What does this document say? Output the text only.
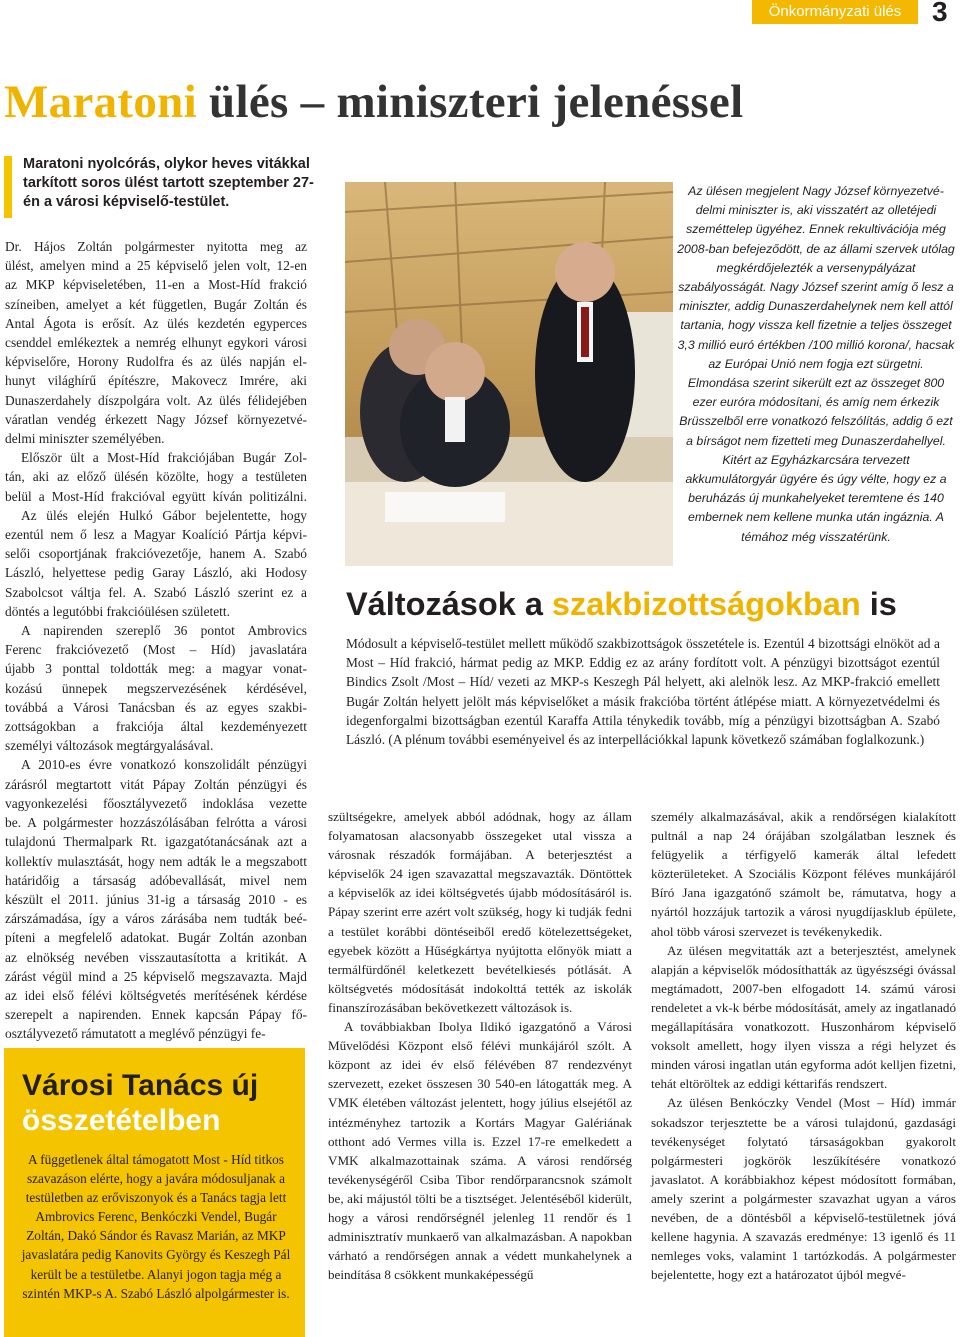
Önkormányzati ülés	3
Maratoni ülés – miniszteri jelenéssel
Maratoni nyolcórás, olykor heves vitákkal tarkított soros ülést tartott szeptember 27-én a városi képviselő-testület.
Dr. Hájos Zoltán polgármester nyitotta meg az
ülést, amelyen mind a 25 képviselő jelen volt, 12-en
az MKP képviseletében, 11-en a Most-Híd frakció
színeiben, amelyet a két független, Bugár Zoltán és
Antal Ágota is erősít. Az ülés kezdetén egyperces
csenddel emlékeztek a nemrég elhunyt egykori városi
képviselőre, Horony Rudolfra és az ülés napján el-
hunyt világhírű építészre, Makovecz Imrére, aki
Dunaszerdahely díszpolgára volt. Az ülés félidejében
váratlan vendég érkezett Nagy József környezetvé-
delmi miniszter személyében.
Először ült a Most-Híd frakciójában Bugár Zol-
tán, aki az előző ülésén közölte, hogy a testületen
belül a Most-Híd frakcióval együtt kíván politizálni.
Az ülés elején Hulkó Gábor bejelentette, hogy
ezentúl nem ő lesz a Magyar Koalíció Pártja képvi-
selői csoportjának frakcióvezetője, hanem A. Szabó
László, helyettese pedig Garay László, aki Hodosy
Szabolcsot váltja fel. A. Szabó László szerint ez a
döntés a legutóbbi frakcióülésen született.
A napirenden szereplő 36 pontot Ambrovics
Ferenc frakcióvezető (Most – Híd) javaslatára
újabb 3 ponttal toldották meg: a magyar vonat-
kozású ünnepek megszervezésének kérdésével,
továbbá a Városi Tanácsban és az egyes szakbi-
zottságokban a frakciója által kezdeményezett
személyi változások megtárgyalásával.
A 2010-es évre vonatkozó konszolidált pénzügyi
zárásról megtartott vitát Pápay Zoltán pénzügyi és
vagyonkezelési főosztályvezető indoklása vezette
be. A polgármester hozzászólásában felrótta a városi
tulajdonú Thermalpark Rt. igazgatótanácsának azt a
kollektív mulasztását, hogy nem adták le a megszabott
határidőig a társaság adóbevallását, mivel nem
készült el 2011. június 31-ig a társaság 2010 - es
zárszámadása, így a város zárásába nem tudták beé-
píteni a megfelelő adatokat. Bugár Zoltán azonban
az elnökség nevében visszautasította a kritikát. A
zárást végül mind a 25 képviselő megszavazta. Majd
az idei első félévi költségvetés merítésének kérdése
szerepelt a napirenden. Ennek kapcsán Pápay fő-
osztályvezető rámutatott a meglévő pénzügyi fe-
Az ülésen megjelent Nagy József környezetvé-delmi miniszter is, aki visszatért az olletéjedi szeméttelep ügyéhez. Ennek rekultivációja még 2008-ban befejeződött, de az állami szervek utólag megkérdőjelezték a versenypályázat szabályosságát. Nagy József szerint amíg ő lesz a miniszter, addig Dunaszerdahelynek nem kell attól tartania, hogy vissza kell fizetnie a teljes összeget 3,3 millió euró értékben /100 millió korona/, hacsak az Európai Unió nem fogja ezt sürgetni. Elmondása szerint sikerült ezt az összeget 800 ezer euróra módosítani, és amíg nem érkezik Brüsszelből erre vonatkozó felszólítás, addig ő ezt a bírságot nem fizetteti meg Dunaszerdahellyel. Kitért az Egyházkarcsára tervezett akkumulátorgyár ügyére és úgy vélte, hogy ez a beruházás új munkahelyeket teremtene és 140 embernek nem kellene munka után ingáznia. A témához még visszatérünk.
Változások a szakbizottságokban is
Módosult a képviselő-testület mellett működő szakbizottságok összetétele is. Ezentúl 4 bizottsági elnököt ad a Most – Híd frakció, hármat pedig az MKP. Eddig ez az arány fordított volt. A pénzügyi bizottságot ezentúl Bindics Zsolt /Most – Híd/ vezeti az MKP-s Keszegh Pál helyett, aki alelnök lesz. Az MKP-frakció emellett Bugár Zoltán helyett jelölt más képviselőket a másik frakcióba történt átlépése miatt. A környezetvédelmi és idegenforgalmi bizottságban ezentúl Karaffa Attila ténykedik tovább, míg a pénzügyi bizottságban A. Szabó László. (A plénum további eseményeivel és az interpellációkkal lapunk következő számában foglalkozunk.)

szültségekre, amelyek abból adódnak, hogy az állam folyamatosan alacsonyabb összegeket utal vissza a városnak részadók formájában. A beterjesztést a képviselők 24 igen szavazattal megszavazták. Döntöttek a képviselők az idei költségvetés újabb módosításáról is. Pápay szerint erre azért volt szükség, hogy ki tudják fedni a testület korábbi döntéseiből eredő kötelezettségeket, egyebek között a Hűségkártya nyújtotta előnyök miatt a termálfürdőnél keletkezett bevételkiesés pótlását. A költségvetés módosítását indokolttá tették az iskolák finanszírozásában bekövetkezett változások is.

A továbbiakban Ibolya Ildikó igazgatónő a Városi Művelődési Központ első félévi munkájáról szólt. A központ az idei év első félévében 87 rendezvényt szervezett, ezeket összesen 30 540-en látogatták meg. A VMK életében változást jelentett, hogy július elsejétől az intézményhez tartozik a Kortárs Magyar Galériának otthont adó Vermes villa is. Ezzel 17-re emelkedett a VMK alkalmazottainak száma. A városi rendőrség tevékenységéről Csiba Tibor rendőrparancsnok számolt be, aki májustól tölti be a tisztséget. Jelentéséből kiderült, hogy a városi rendőrségnél jelenleg 11 rendőr és 1 adminisztratív munkaerő van alkalmazásban. A napokban várható a rendőrségen annak a védett munkahelynek a beindítása 8 csökkent munkaképességű

személy alkalmazásával, akik a rendőrségen kialakított pultnál a nap 24 órájában szolgálatban lesznek és felügyelik a térfigyelő kamerák által lefedett közterületeket. A Szociális Központ féléves munkájáról Bíró Jana igazgatónő számolt be, rámutatva, hogy a nyártól hozzájuk tartozik a városi nyugdíjasklub épülete, ahol több városi szervezet is tevékenykedik.

Az ülésen megvitatták azt a beterjesztést, amelynek alapján a képviselők módosíthatták az ügyészségi óvással megtámadott, 2007-ben elfogadott 14. számú városi rendeletet a vk-k bérbe módosítását, amely az ingatlanadó megállapítására vonatkozott. Huszonhárom képviselő voksolt amellett, hogy ilyen vissza a régi helyzet és minden városi ingatlan után egyforma adót kelljen fizetni, tehát eltöröltek az eddigi kéttarifás rendszert.

Az ülésen Benkóczky Vendel (Most – Híd) immár sokadszor terjesztette be a városi tulajdonú, gazdasági tevékenységet folytató társaságokban gyakorolt polgármesteri jogkörök leszűkítésére vonatkozó javaslatot. A korábbiakhoz képest módosított formában, amely szerint a polgármester szavazhat ugyan a város nevében, de a döntésből a képviselő-testületnek jóvá kellene hagynia. A szavazás eredménye: 13 igenlő és 11 nemleges voks, valamint 1 tartózkodás. A polgármester bejelentette, hogy ezt a határozatot újból megvé-

Városi Tanács új
összetételben
A függetlenek által támogatott Most - Híd titkos szavazáson elérte, hogy a javára módosuljanak a testületben az erőviszonyok és a Tanács tagja lett Ambrovics Ferenc, Benkóczki Vendel, Bugár Zoltán, Dakó Sándor és Ravasz Marián, az MKP javaslatára pedig Kanovits György és Keszegh Pál került be a testületbe. Alanyi jogon tagja még a szintén MKP-s A. Szabó László alpolgármester is.
